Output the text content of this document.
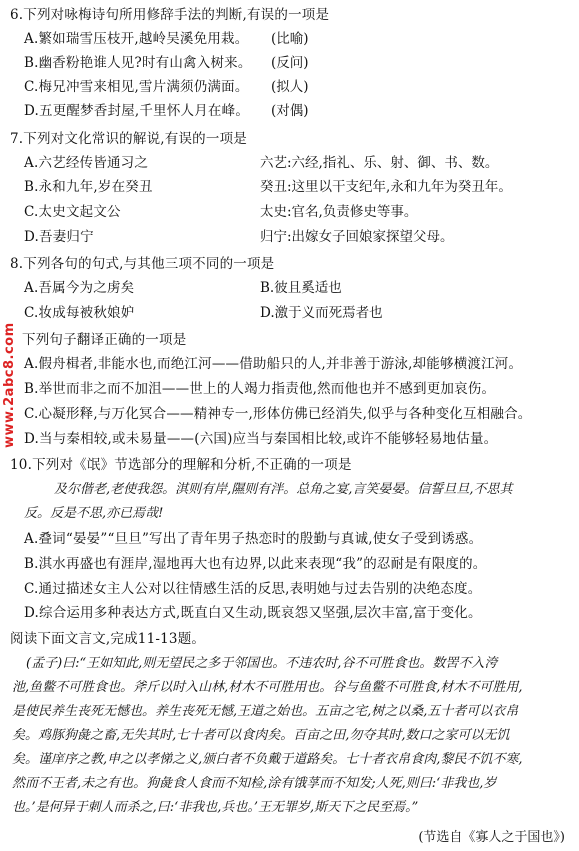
www.2abc8.com
6.下列对咏梅诗句所用修辞手法的判断,有误的一项是
A.繁如瑞雪压枝开,越岭吴溪免用栽。 (比喻)
B.幽香粉艳谁人见?时有山禽入树来。 (反问)
C.梅兄冲雪来相见,雪片满须仍满面。 (拟人)
D.五更醒梦香封屋,千里怀人月在峰。 (对偶)
7.下列对文化常识的解说,有误的一项是
A.六艺经传皆通习之	六艺:六经,指礼、乐、射、御、书、数。
B.永和九年,岁在癸丑	癸丑:这里以干支纪年,永和九年为癸丑年。
C.太史文起文公	太史:官名,负责修史等事。
D.吾妻归宁	归宁:出嫁女子回娘家探望父母。
8.下列各句的句式,与其他三项不同的一项是
A.吾属今为之虏矣	B.彼且奚适也
C.妆成每被秋娘妒	D.激于义而死焉者也
下列句子翻译正确的一项是
A.假舟楫者,非能水也,而绝江河——借助船只的人,并非善于游泳,却能够横渡江河。
B.举世而非之而不加沮——世上的人竭力指责他,然而他也并不感到更加哀伤。
C.心凝形释,与万化冥合——精神专一,形体仿佛已经消失,似乎与各种变化互相融合。
D.当与秦相较,或未易量——(六国)应当与秦国相比较,或许不能够轻易地估量。
10.下列对《氓》节选部分的理解和分析,不正确的一项是
及尔偕老,老使我怨。淇则有岸,隰则有泮。总角之宴,言笑晏晏。信誓旦旦,不思其
反。反是不思,亦已焉哉!
A.叠词“晏晏”“旦旦”写出了青年男子热恋时的殷勤与真诚,使女子受到诱惑。
B.淇水再盛也有涯岸,湿地再大也有边界,以此来表现“我”的忍耐是有限度的。
C.通过描述女主人公对以往情感生活的反思,表明她与过去告别的决绝态度。
D.综合运用多种表达方式,既直白又生动,既哀怨又坚强,层次丰富,富于变化。
阅读下面文言文,完成11-13题。
(孟子)曰:“王如知此,则无望民之多于邻国也。不违农时,谷不可胜食也。数罟不入洿
池,鱼鳖不可胜食也。斧斤以时入山林,材木不可胜用也。谷与鱼鳖不可胜食,材木不可胜用,
是使民养生丧死无憾也。养生丧死无憾,王道之始也。五亩之宅,树之以桑,五十者可以衣帛
矣。鸡豚狗彘之畜,无失其时,七十者可以食肉矣。百亩之田,勿夺其时,数口之家可以无饥
矣。谨庠序之教,申之以孝悌之义,颁白者不负戴于道路矣。七十者衣帛食肉,黎民不饥不寒,
然而不王者,未之有也。狗彘食人食而不知检,涂有饿莩而不知发;人死,则曰:‘非我也,岁
也。’是何异于刺人而杀之,曰:‘非我也,兵也。’王无罪岁,斯天下之民至焉。”
(节选自《寡人之于国也》)
